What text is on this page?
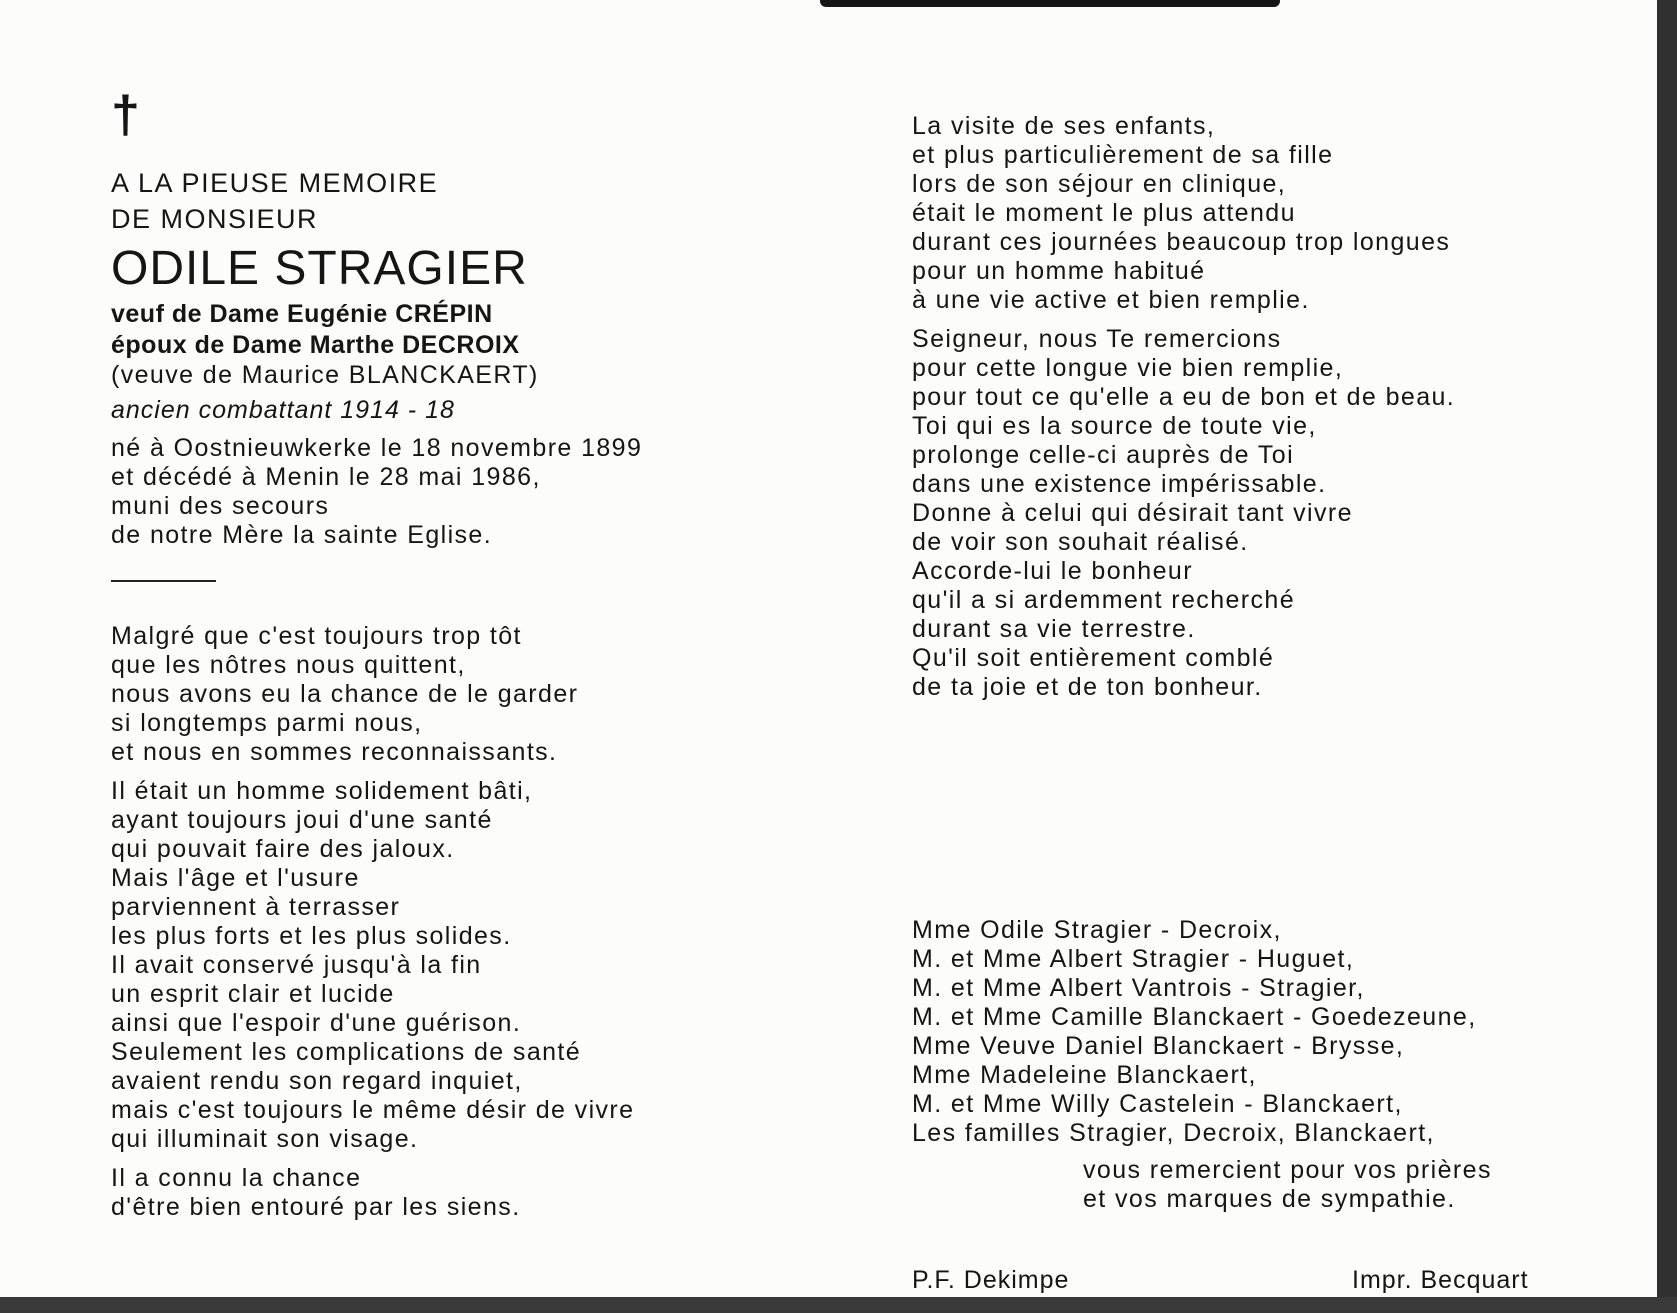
†
A LA PIEUSE MEMOIRE
DE MONSIEUR
ODILE STRAGIER
veuf de Dame Eugénie CRÉPIN
époux de Dame Marthe DECROIX
(veuve de Maurice BLANCKAERT)
ancien combattant 1914 - 18
né à Oostnieuwkerke le 18 novembre 1899
et décédé à Menin le 28 mai 1986,
muni des secours
de notre Mère la sainte Eglise.
Malgré que c'est toujours trop tôt
que les nôtres nous quittent,
nous avons eu la chance de le garder
si longtemps parmi nous,
et nous en sommes reconnaissants.
Il était un homme solidement bâti,
ayant toujours joui d'une santé
qui pouvait faire des jaloux.
Mais l'âge et l'usure
parviennent à terrasser
les plus forts et les plus solides.
Il avait conservé jusqu'à la fin
un esprit clair et lucide
ainsi que l'espoir d'une guérison.
Seulement les complications de santé
avaient rendu son regard inquiet,
mais c'est toujours le même désir de vivre
qui illuminait son visage.
Il a connu la chance
d'être bien entouré par les siens.
La visite de ses enfants,
et plus particulièrement de sa fille
lors de son séjour en clinique,
était le moment le plus attendu
durant ces journées beaucoup trop longues
pour un homme habitué
à une vie active et bien remplie.
Seigneur, nous Te remercions
pour cette longue vie bien remplie,
pour tout ce qu'elle a eu de bon et de beau.
Toi qui es la source de toute vie,
prolonge celle-ci auprès de Toi
dans une existence impérissable.
Donne à celui qui désirait tant vivre
de voir son souhait réalisé.
Accorde-lui le bonheur
qu'il a si ardemment recherché
durant sa vie terrestre.
Qu'il soit entièrement comblé
de ta joie et de ton bonheur.
Mme Odile Stragier - Decroix,
M. et Mme Albert Stragier - Huguet,
M. et Mme Albert Vantrois - Stragier,
M. et Mme Camille Blanckaert - Goedezeune,
Mme Veuve Daniel Blanckaert - Brysse,
Mme Madeleine Blanckaert,
M. et Mme Willy Castelein - Blanckaert,
Les familles Stragier, Decroix, Blanckaert,
vous remercient pour vos prières
et vos marques de sympathie.
P.F. Dekimpe	Impr. Becquart
